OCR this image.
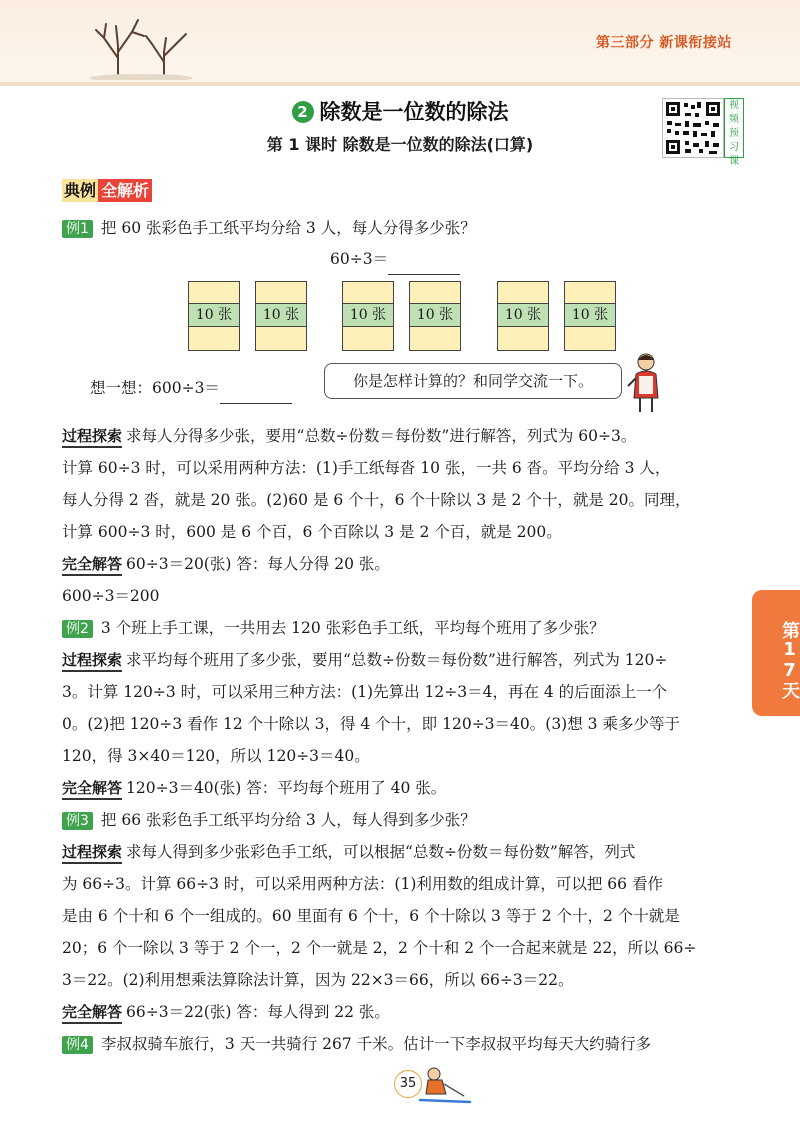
第三部分 新课衔接站
2 除数是一位数的除法
第 1 课时 除数是一位数的除法(口算)
视频预习课
典例 全解析
例1 把 60 张彩色手工纸平均分给 3 人，每人分得多少张？
60÷3＝
10 张	10 张	10 张	10 张	10 张	10 张
想一想：600÷3＝	你是怎样计算的？和同学交流一下。
过程探索 求每人分得多少张，要用“总数÷份数＝每份数”进行解答，列式为 60÷3。
计算 60÷3 时，可以采用两种方法：(1)手工纸每沓 10 张，一共 6 沓。平均分给 3 人，
每人分得 2 沓，就是 20 张。(2)60 是 6 个十，6 个十除以 3 是 2 个十，就是 20。同理，
计算 600÷3 时，600 是 6 个百，6 个百除以 3 是 2 个百，就是 200。
完全解答 60÷3＝20(张) 答：每人分得 20 张。
600÷3＝200
例2 3 个班上手工课，一共用去 120 张彩色手工纸，平均每个班用了多少张？
过程探索 求平均每个班用了多少张，要用“总数÷份数＝每份数”进行解答，列式为 120÷
3。计算 120÷3 时，可以采用三种方法：(1)先算出 12÷3＝4，再在 4 的后面添上一个
0。(2)把 120÷3 看作 12 个十除以 3，得 4 个十，即 120÷3＝40。(3)想 3 乘多少等于
120，得 3×40＝120，所以 120÷3＝40。
完全解答 120÷3＝40(张) 答：平均每个班用了 40 张。
例3 把 66 张彩色手工纸平均分给 3 人，每人得到多少张？
过程探索 求每人得到多少张彩色手工纸，可以根据“总数÷份数＝每份数”解答，列式
为 66÷3。计算 66÷3 时，可以采用两种方法：(1)利用数的组成计算，可以把 66 看作
是由 6 个十和 6 个一组成的。60 里面有 6 个十，6 个十除以 3 等于 2 个十，2 个十就是
20；6 个一除以 3 等于 2 个一，2 个一就是 2，2 个十和 2 个一合起来就是 22，所以 66÷
3＝22。(2)利用想乘法算除法计算，因为 22×3＝66，所以 66÷3＝22。
完全解答 66÷3＝22(张) 答：每人得到 22 张。
例4 李叔叔骑车旅行，3 天一共骑行 267 千米。估计一下李叔叔平均每天大约骑行多
第17天
35
